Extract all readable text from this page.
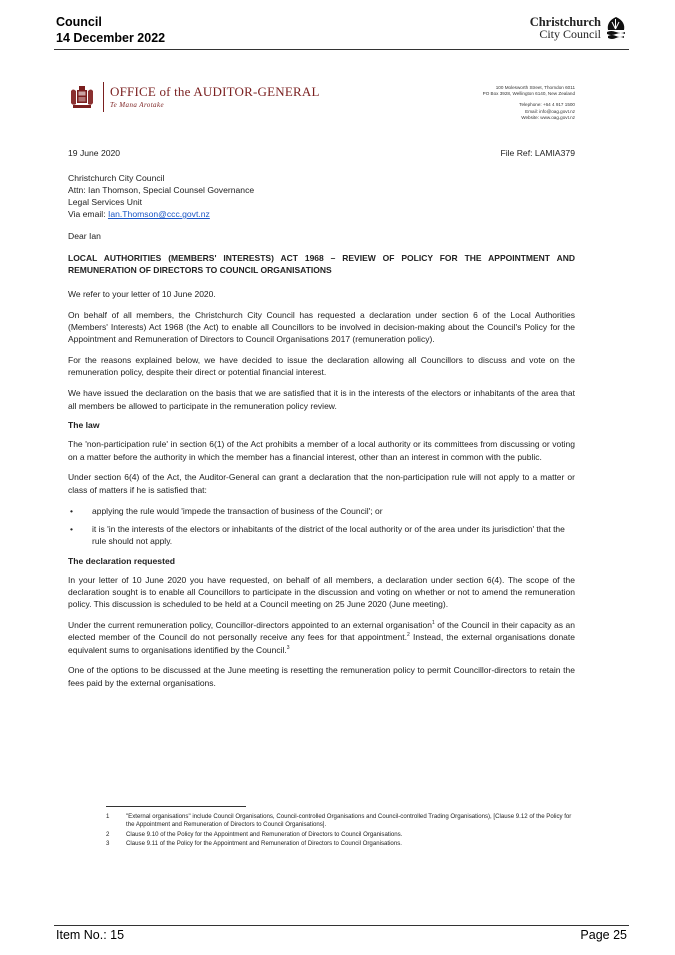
Council
14 December 2022
Christchurch
City Council
OFFICE of the AUDITOR-GENERAL
Te Mana Arotake
100 Molesworth Street, Thorndon 6011
PO Box 3928, Wellington 6140, New Zealand
Telephone: +64 4 917 1500
Email: info@oag.govt.nz
Website: www.oag.govt.nz
19 June 2020	File Ref: LAMIA379
Christchurch City Council
Attn: Ian Thomson, Special Counsel Governance
Legal Services Unit
Via email: Ian.Thomson@ccc.govt.nz
Dear Ian
LOCAL AUTHORITIES (MEMBERS' INTERESTS) ACT 1968 – REVIEW OF POLICY FOR THE APPOINTMENT AND REMUNERATION OF DIRECTORS TO COUNCIL ORGANISATIONS

We refer to your letter of 10 June 2020.

On behalf of all members, the Christchurch City Council has requested a declaration under section 6 of the Local Authorities (Members' Interests) Act 1968 (the Act) to enable all Councillors to be involved in decision-making about the Council's Policy for the Appointment and Remuneration of Directors to Council Organisations 2017 (remuneration policy).

For the reasons explained below, we have decided to issue the declaration allowing all Councillors to discuss and vote on the remuneration policy, despite their direct or potential financial interest.

We have issued the declaration on the basis that we are satisfied that it is in the interests of the electors or inhabitants of the area that all members be allowed to participate in the remuneration policy review.

The law

The 'non-participation rule' in section 6(1) of the Act prohibits a member of a local authority or its committees from discussing or voting on a matter before the authority in which the member has a financial interest, other than an interest in common with the public.

Under section 6(4) of the Act, the Auditor-General can grant a declaration that the non-participation rule will not apply to a matter or class of matters if he is satisfied that:

• applying the rule would 'impede the transaction of business of the Council'; or
• it is 'in the interests of the electors or inhabitants of the district of the local authority or of the area under its jurisdiction' that the rule should not apply.
The declaration requested

In your letter of 10 June 2020 you have requested, on behalf of all members, a declaration under section 6(4). The scope of the declaration sought is to enable all Councillors to participate in the discussion and voting on whether or not to amend the remuneration policy. This discussion is scheduled to be held at a Council meeting on 25 June 2020 (June meeting).

Under the current remuneration policy, Councillor-directors appointed to an external organisation$^1$ of the Council in their capacity as an elected member of the Council do not personally receive any fees for that appointment.$^2$ Instead, the external organisations donate equivalent sums to organisations identified by the Council.$^3$

One of the options to be discussed at the June meeting is resetting the remuneration policy to permit Councillor-directors to retain the fees paid by the external organisations.

1	"External organisations" include Council Organisations, Council-controlled Organisations and Council-controlled Trading Organisations), [Clause 9.12 of the Policy for the Appointment and Remuneration of Directors to Council Organisations].
2	Clause 9.10 of the Policy for the Appointment and Remuneration of Directors to Council Organisations.
3	Clause 9.11 of the Policy for the Appointment and Remuneration of Directors to Council Organisations.
Item No.: 15	Page 25
